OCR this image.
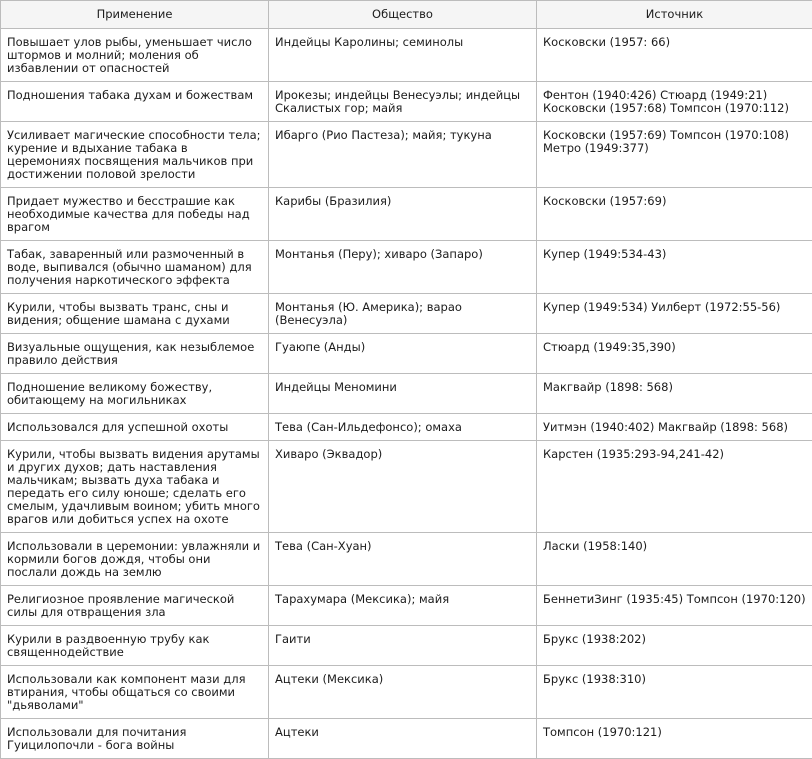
Применение	Общество	Источник
Повышает улов рыбы, уменьшает число штормов и молний; моления об избавлении от опасностей	Индейцы Каролины; семинолы	Косковски (1957: 66)
Подношения табака духам и божествам	Ирокезы; индейцы Венесуэлы; индейцы Скалистых гор; майя	Фентон (1940:426) Стюард (1949:21) Косковски (1957:68) Томпсон (1970:112)
Усиливает магические способности тела; курение и вдыхание табака в церемониях посвящения мальчиков при достижении половой зрелости	Ибарго (Рио Пастеза); майя; тукуна	Косковски (1957:69) Томпсон (1970:108) Метро (1949:377)
Придает мужество и бесстрашие как необходимые качества для победы над врагом	Карибы (Бразилия)	Косковски (1957:69)
Табак, заваренный или размоченный в воде, выпивался (обычно шаманом) для получения наркотического эффекта	Монтанья (Перу); хиваро (Запаро)	Купер (1949:534-43)
Курили, чтобы вызвать транс, сны и видения; общение шамана с духами	Монтанья (Ю. Америка); варао (Венесуэла)	Купер (1949:534) Уилберт (1972:55-56)
Визуальные ощущения, как незыблемое правило действия	Гуаюпе (Анды)	Стюард (1949:35,390)
Подношение великому божеству, обитающему на могильниках	Индейцы Меномини	Макгвайр (1898: 568)
Использовался для успешной охоты	Тева (Сан-Ильдефонсо); омаха	Уитмэн (1940:402) Макгвайр (1898: 568)
Курили, чтобы вызвать видения арутамы и других духов; дать наставления мальчикам; вызвать духа табака и передать его силу юноше; сделать его смелым, удачливым воином; убить много врагов или добиться успех на охоте	Хиваро (Эквадор)	Карстен (1935:293-94,241-42)
Использовали в церемонии: увлажняли и кормили богов дождя, чтобы они послали дождь на землю	Тева (Сан-Хуан)	Ласки (1958:140)
Религиозное проявление магической силы для отвращения зла	Тарахумара (Мексика); майя	БеннетиЗинг (1935:45) Томпсон (1970:120)
Курили в раздвоенную трубу как священнодействие	Гаити	Брукс (1938:202)
Использовали как компонент мази для втирания, чтобы общаться со своими "дьяволами"	Ацтеки (Мексика)	Брукс (1938:310)
Использовали для почитания Гуицилопочли - бога войны	Ацтеки	Томпсон (1970:121)
